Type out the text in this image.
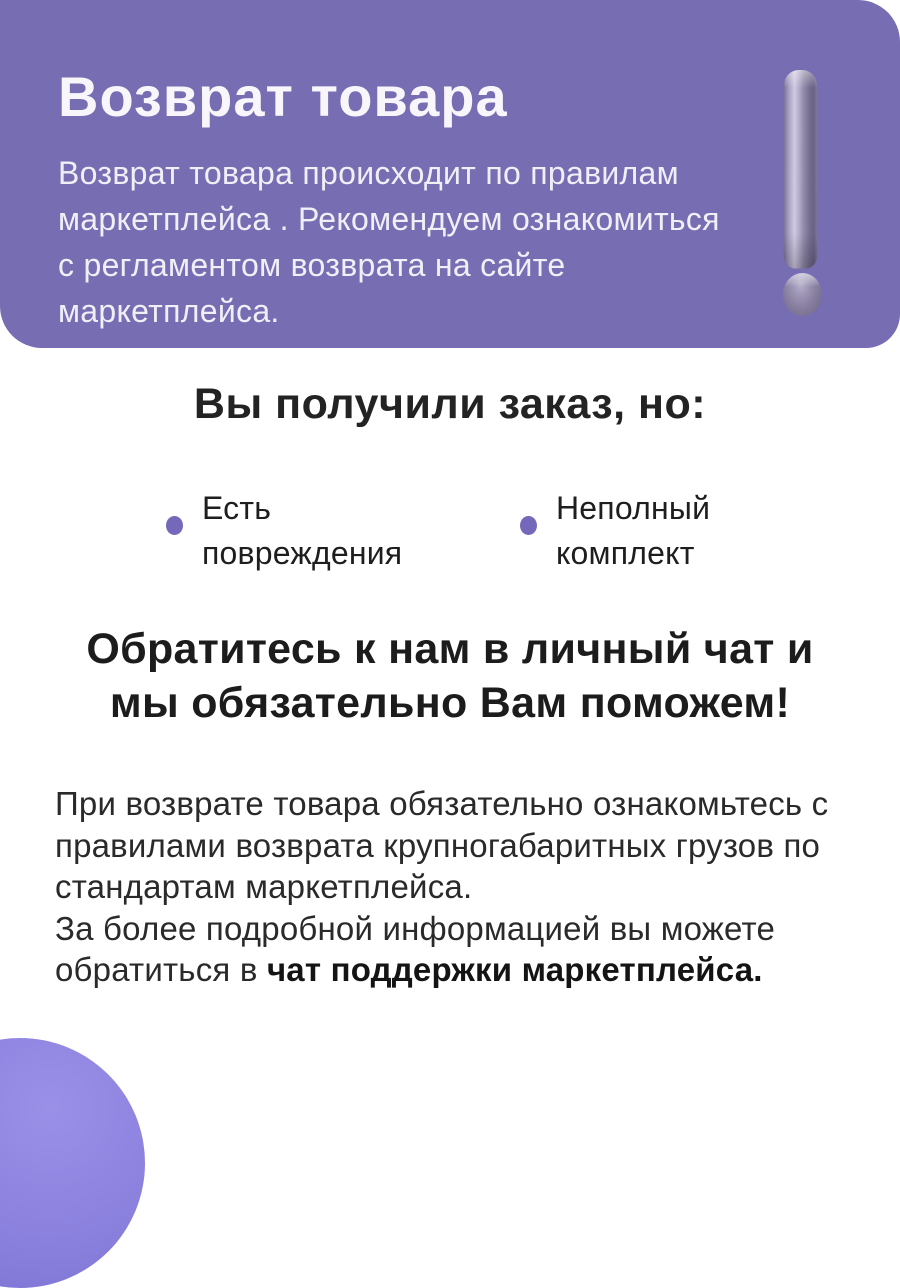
Возврат товара
Возврат товара происходит по правилам
маркетплейса . Рекомендуем ознакомиться
с регламентом возврата на сайте
маркетплейса.
Вы получили заказ, но:
Есть
повреждения
Неполный
комплект
Обратитесь к нам в личный чат и
мы обязательно Вам поможем!
При возврате товара обязательно ознакомьтесь с
правилами возврата крупногабаритных грузов по
стандартам маркетплейса.
За более подробной информацией вы можете
обратиться в чат поддержки маркетплейса.
